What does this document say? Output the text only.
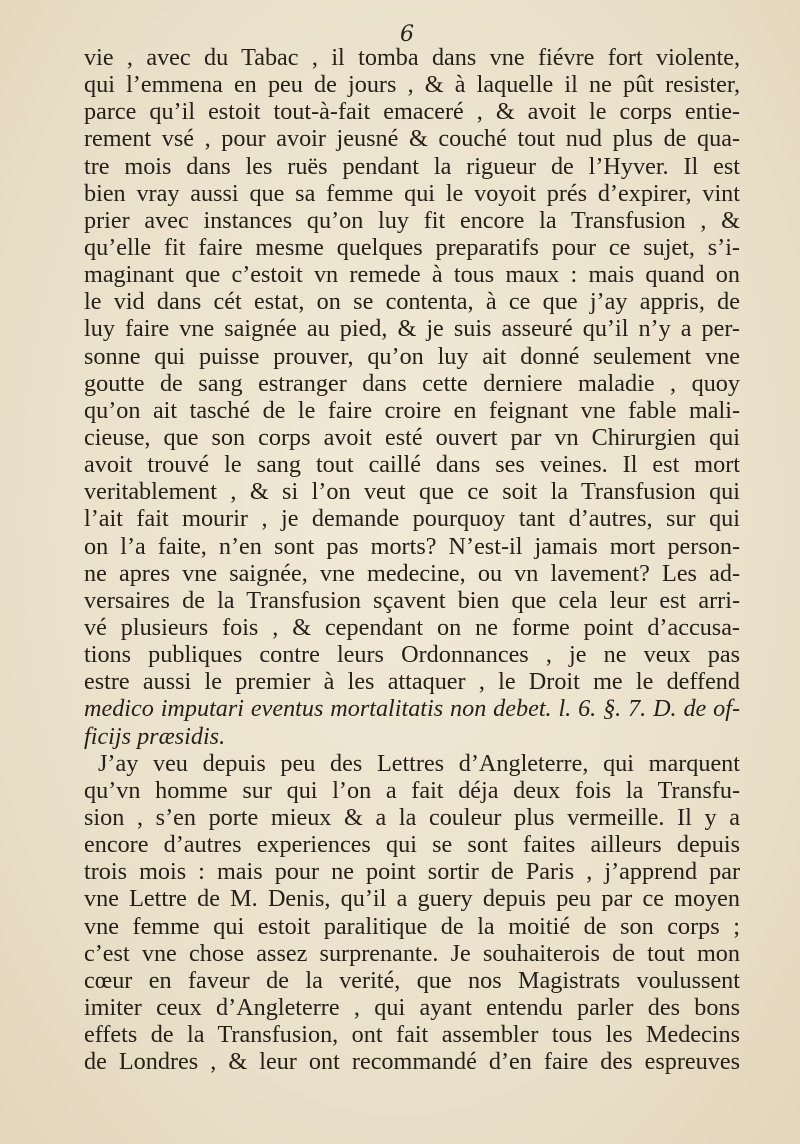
6
vie , avec du Tabac , il tomba dans vne fiévre fort violente,
qui l’emmena en peu de jours , & à laquelle il ne pût resister,
parce qu’il estoit tout-à-fait emaceré , & avoit le corps entie-
rement vsé , pour avoir jeusné & couché tout nud plus de qua-
tre mois dans les ruës pendant la rigueur de l’Hyver. Il est
bien vray aussi que sa femme qui le voyoit prés d’expirer, vint
prier avec instances qu’on luy fit encore la Transfusion , &
qu’elle fit faire mesme quelques preparatifs pour ce sujet, s’i-
maginant que c’estoit vn remede à tous maux : mais quand on
le vid dans cét estat, on se contenta, à ce que j’ay appris, de
luy faire vne saignée au pied, & je suis asseuré qu’il n’y a per-
sonne qui puisse prouver, qu’on luy ait donné seulement vne
goutte de sang estranger dans cette derniere maladie , quoy
qu’on ait tasché de le faire croire en feignant vne fable mali-
cieuse, que son corps avoit esté ouvert par vn Chirurgien qui
avoit trouvé le sang tout caillé dans ses veines. Il est mort
veritablement , & si l’on veut que ce soit la Transfusion qui
l’ait fait mourir , je demande pourquoy tant d’autres, sur qui
on l’a faite, n’en sont pas morts? N’est-il jamais mort person-
ne apres vne saignée, vne medecine, ou vn lavement? Les ad-
versaires de la Transfusion sçavent bien que cela leur est arri-
vé plusieurs fois , & cependant on ne forme point d’accusa-
tions publiques contre leurs Ordonnances , je ne veux pas
estre aussi le premier à les attaquer , le Droit me le deffend
medico imputari eventus mortalitatis non debet. l. 6. §. 7. D. de of-
ficijs præsidis.
J’ay veu depuis peu des Lettres d’Angleterre, qui marquent
qu’vn homme sur qui l’on a fait déja deux fois la Transfu-
sion , s’en porte mieux & a la couleur plus vermeille. Il y a
encore d’autres experiences qui se sont faites ailleurs depuis
trois mois : mais pour ne point sortir de Paris , j’apprend par
vne Lettre de M. Denis, qu’il a guery depuis peu par ce moyen
vne femme qui estoit paralitique de la moitié de son corps ;
c’est vne chose assez surprenante. Je souhaiterois de tout mon
cœur en faveur de la verité, que nos Magistrats voulussent
imiter ceux d’Angleterre , qui ayant entendu parler des bons
effets de la Transfusion, ont fait assembler tous les Medecins
de Londres , & leur ont recommandé d’en faire des espreuves
